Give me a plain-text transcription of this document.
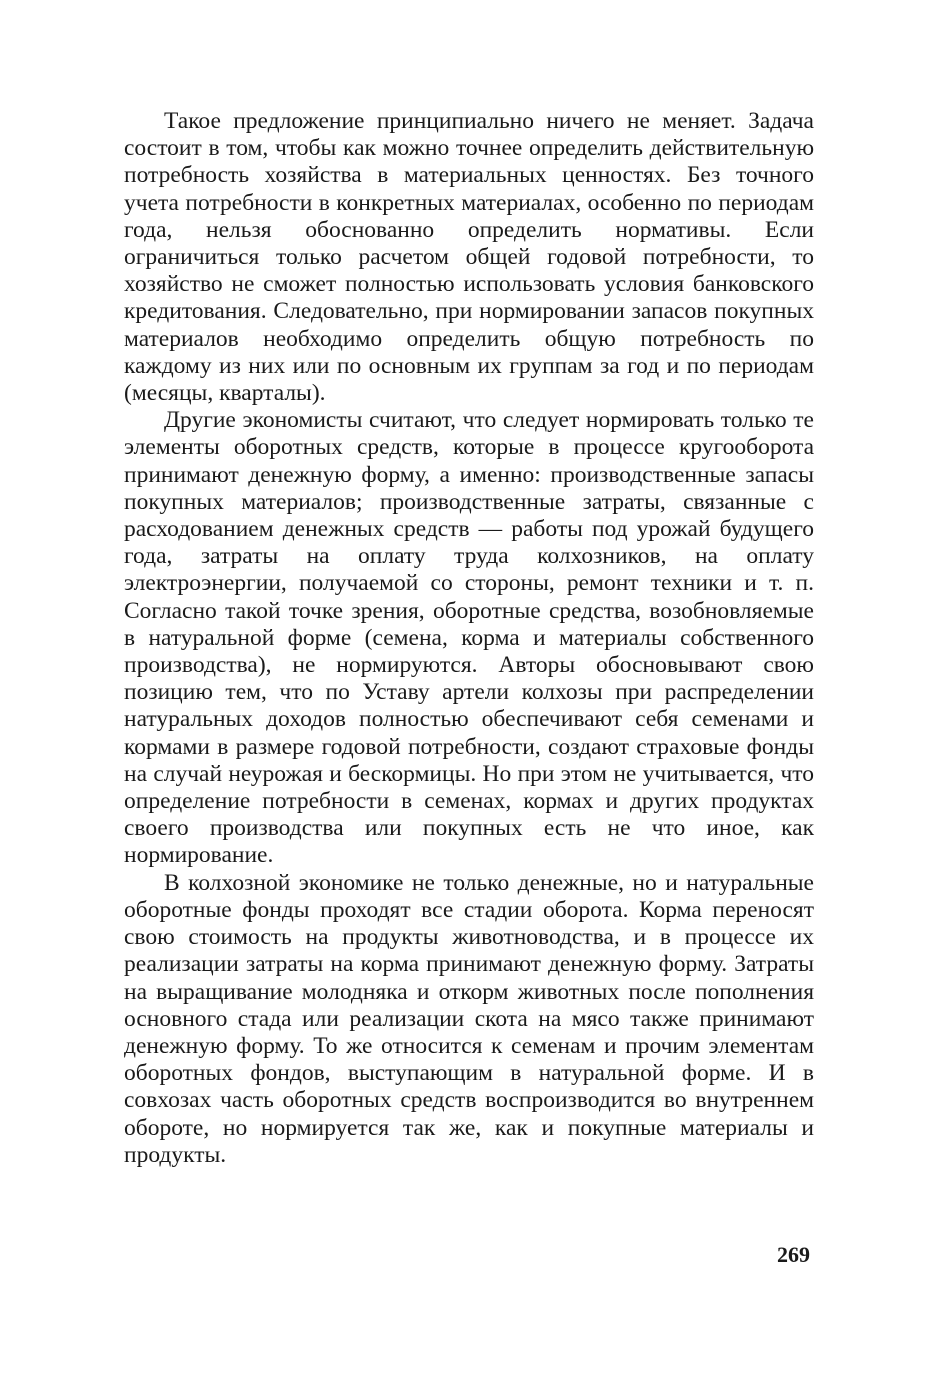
Такое предложение принципиально ничего не меняет. Задача состоит в том, чтобы как можно точнее определить действительную потребность хозяйства в материальных ценностях. Без точного учета потребности в конкретных материалах, особенно по периодам года, нельзя обоснованно определить нормативы. Если ограничиться только расчетом общей годовой потребности, то хозяйство не сможет полностью использовать условия банковского кредитования. Следовательно, при нормировании запасов покупных материалов необходимо определить общую потребность по каждому из них или по основным их группам за год и по периодам (месяцы, кварталы).

Другие экономисты считают, что следует нормировать только те элементы оборотных средств, которые в процессе кругооборота принимают денежную форму, а именно: производственные запасы покупных материалов; производственные затраты, связанные с расходованием денежных средств — работы под урожай будущего года, затраты на оплату труда колхозников, на оплату электроэнергии, получаемой со стороны, ремонт техники и т. п. Согласно такой точке зрения, оборотные средства, возобновляемые в натуральной форме (семена, корма и материалы собственного производства), не нормируются. Авторы обосновывают свою позицию тем, что по Уставу артели колхозы при распределении натуральных доходов полностью обеспечивают себя семенами и кормами в размере годовой потребности, создают страховые фонды на случай неурожая и бескормицы. Но при этом не учитывается, что определение потребности в семенах, кормах и других продуктах своего производства или покупных есть не что иное, как нормирование.

В колхозной экономике не только денежные, но и натуральные оборотные фонды проходят все стадии оборота. Корма переносят свою стоимость на продукты животноводства, и в процессе их реализации затраты на корма принимают денежную форму. Затраты на выращивание молодняка и откорм животных после пополнения основного стада или реализации скота на мясо также принимают денежную форму. То же относится к семенам и прочим элементам оборотных фондов, выступающим в натуральной форме. И в совхозах часть оборотных средств воспроизводится во внутреннем обороте, но нормируется так же, как и покупные материалы и продукты.

269
